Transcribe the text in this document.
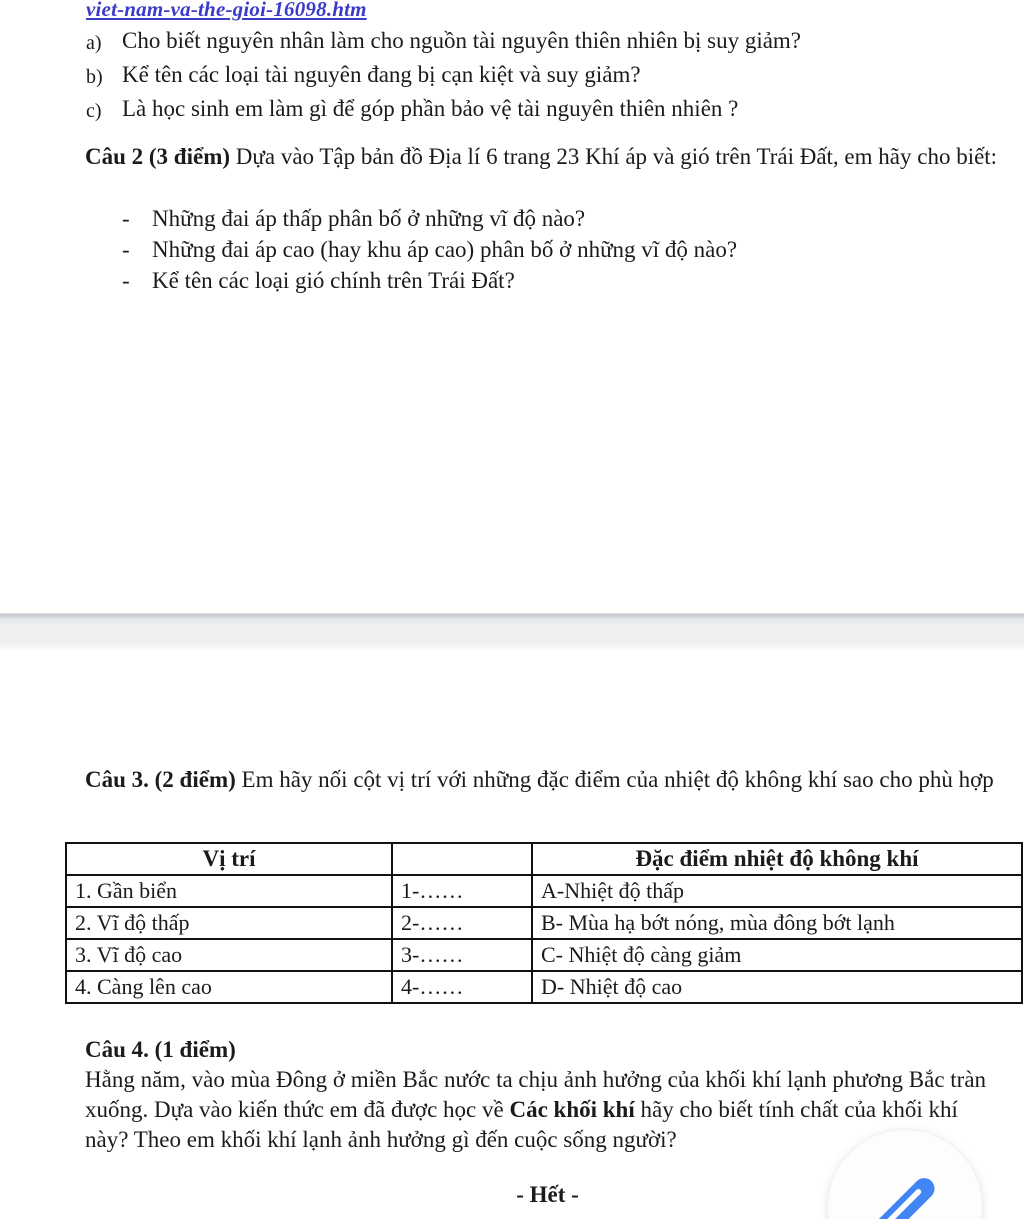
viet-nam-va-the-gioi-16098.htm
a) Cho biết nguyên nhân làm cho nguồn tài nguyên thiên nhiên bị suy giảm?
b) Kể tên các loại tài nguyên đang bị cạn kiệt và suy giảm?
c) Là học sinh em làm gì để góp phần bảo vệ tài nguyên thiên nhiên ?

Câu 2 (3 điểm) Dựa vào Tập bản đồ Địa lí 6 trang 23 Khí áp và gió trên Trái Đất, em hãy cho biết:

- Những đai áp thấp phân bố ở những vĩ độ nào?
- Những đai áp cao (hay khu áp cao) phân bố ở những vĩ độ nào?
- Kể tên các loại gió chính trên Trái Đất?

Câu 3. (2 điểm) Em hãy nối cột vị trí với những đặc điểm của nhiệt độ không khí sao cho phù hợp

Vị trí		Đặc điểm nhiệt độ không khí
1. Gần biển	1-……	A-Nhiệt độ thấp
2. Vĩ độ thấp	2-……	B- Mùa hạ bớt nóng, mùa đông bớt lạnh
3. Vĩ độ cao	3-……	C- Nhiệt độ càng giảm
4. Càng lên cao	4-……	D- Nhiệt độ cao

Câu 4. (1 điểm)
Hằng năm, vào mùa Đông ở miền Bắc nước ta chịu ảnh hưởng của khối khí lạnh phương Bắc tràn xuống. Dựa vào kiến thức em đã được học về Các khối khí hãy cho biết tính chất của khối khí này? Theo em khối khí lạnh ảnh hưởng gì đến cuộc sống người?

- Hết -
